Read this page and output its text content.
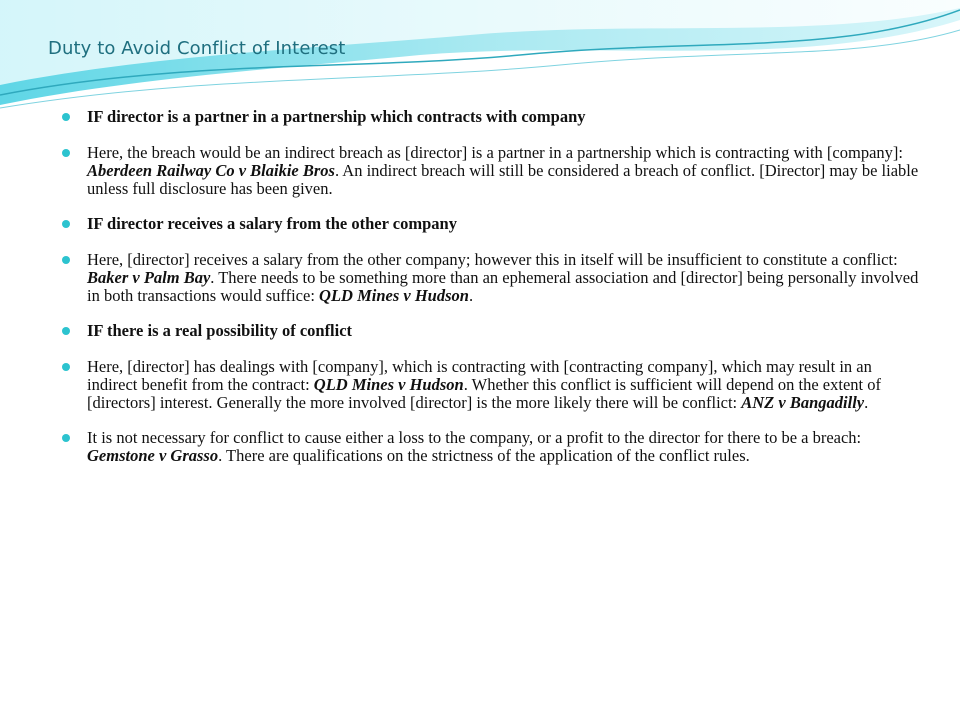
Duty to Avoid Conflict of Interest
IF director is a partner in a partnership which contracts with company
Here, the breach would be an indirect breach as [director] is a partner in a partnership which is contracting with [company]: Aberdeen Railway Co v Blaikie Bros. An indirect breach will still be considered a breach of conflict. [Director] may be liable unless full disclosure has been given.
IF director receives a salary from the other company
Here, [director] receives a salary from the other company; however this in itself will be insufficient to constitute a conflict: Baker v Palm Bay. There needs to be something more than an ephemeral association and [director] being personally involved in both transactions would suffice: QLD Mines v Hudson.
IF there is a real possibility of conflict
Here, [director] has dealings with [company], which is contracting with [contracting company], which may result in an indirect benefit from the contract: QLD Mines v Hudson. Whether this conflict is sufficient will depend on the extent of [directors] interest. Generally the more involved [director] is the more likely there will be conflict: ANZ v Bangadilly.
It is not necessary for conflict to cause either a loss to the company, or a profit to the director for there to be a breach: Gemstone v Grasso. There are qualifications on the strictness of the application of the conflict rules.
